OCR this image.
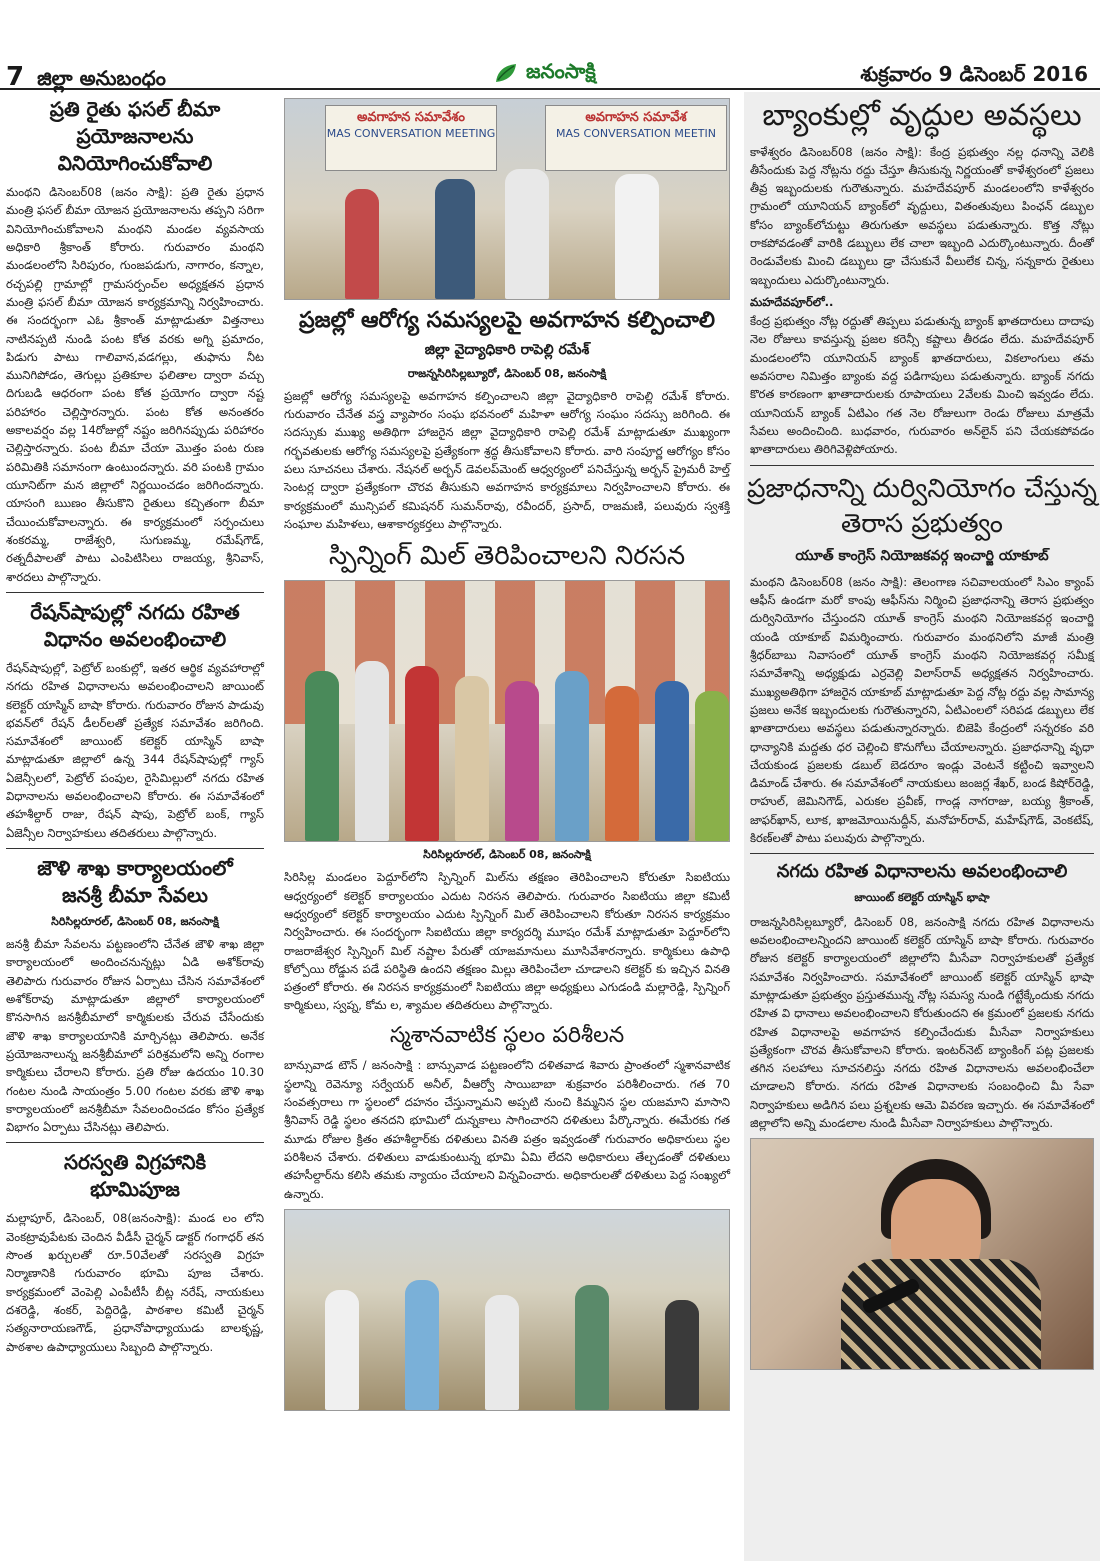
7 జిల్లా అనుబంధం	జనంసాక్షి	శుక్రవారం 9 డిసెంబర్ 2016
ప్రతి రైతు ఫసల్ బీమా ప్రయోజనాలను వినియోగించుకోవాలి
మంథని డిసెంబర్08 (జనం సాక్షి): ప్రతి రైతు ప్రధాన మంత్రి ఫసల్ బీమా యోజన ప్రయోజనాలను తప్పని సరిగా వినియోగించుకోవాలని మంథని మండల వ్యవసాయ అధికారి శ్రీకాంత్ కోరారు. గురువారం మంథని మండలంలోని సిరిపురం, గుంజపడుగు, నాగారం, కన్నాల, రచ్చపల్లి గ్రామాల్లో గ్రామసర్పంచ్‌ల అధ్యక్షతన ప్రధాన మంత్రి ఫసల్ బీమా యోజన కార్యక్రమాన్ని నిర్వహించారు. ఈ సందర్భంగా ఎఓ శ్రీకాంత్ మాట్లాడుతూ విత్తనాలు నాటినప్పటి నుండి పంట కోత వరకు అగ్ని ప్రమాదం, పిడుగు పాటు గాలివాన,వడగల్లు, తుఫాను నీట మునిగిపోడం, తెగుల్లు ప్రతికూల ఫలితాల ద్వారా వచ్చు దిగుబడి ఆధరంగా పంట కోత ప్రయోగం ద్వారా నష్ట పరిహారం చెల్లిస్తారన్నారు. పంట కోత అనంతరం అకాలవర్షం వల్ల 14రోజుల్లో నష్టం జరిగినప్పుడు పరిహారం చెల్లిస్తారన్నారు. పంట బీమా చేయా మొత్తం పంట రుణ పరిమితికి సమానంగా ఉంటుందన్నారు. వరి పంటకి గ్రామం యూనిట్‌గా మన జిల్లాలో నిర్ణయించడం జరిగిందన్నారు. యాసంగి ఋణం తీసుకొని రైతులు కచ్చితంగా బీమా చేయించుకోవాలన్నారు. ఈ కార్యక్రమంలో సర్పంచులు శంకరమ్మ, రాజేశ్వరి, సుగుణమ్మ, రమేష్‌గౌడ్, రత్నదీపాలతో పాటు ఎంపిటిసిలు రాజయ్య, శ్రీనివాస్, శారదలు పాల్గొన్నారు.
రేషన్‌షాపుల్లో నగదు రహిత విధానం అవలంభించాలి
రేషన్‌షాపుల్లో, పెట్రోల్ బంకుల్లో, ఇతర ఆర్థిక వ్యవహారాల్లో నగదు రహిత విధానాలను అవలంభించాలని జాయింట్ కలెక్టర్ యాస్మిన్ బాషా కోరారు. గురువారం రోజున పాడువు భవన్‌లో రేషన్ డీలర్‌లతో ప్రత్యేక సమావేశం జరిగింది. సమావేశంలో జాయింట్ కలెక్టర్ యాస్మిన్ బాషా మాట్లాడుతూ జిల్లాలో ఉన్న 344 రేషన్‌షాపుల్లో గ్యాస్ ఏజెన్సీలలో, పెట్రోల్ పంపుల, రైసిమిల్లులో నగదు రహిత విధానాలను అవలంభించాలని కోరారు. ఈ సమావేశంలో తహశీల్దార్ రాజు, రేషన్ షాపు, పెట్రోల్ బంక్, గ్యాస్ ఏజెన్సీల నిర్వాహకులు తదితరులు పాల్గొన్నారు.
జౌళి శాఖ కార్యాలయంలో జనశ్రీ బీమా సేవలు
సిరిసిల్లరూరల్, డిసెంబర్ 08, జనంసాక్షి
జనశ్రీ బీమా సేవలను పట్టణంలోని చేనేత జౌళి శాఖ జిల్లా కార్యాలయంలో అందించనున్నట్లు ఏడి అశోక్‌రావు తెలిపారు గురువారం రోజున ఏర్పాటు చేసిన సమావేశంలో అశోక్‌రావు మాట్లాడుతూ జిల్లాలో కార్యాలయంలో కొనసాగిన జనశ్రీబీమాలో కార్మికులకు చేరువ చేసేందుకు జౌళి శాఖ కార్యాలయానికి మార్చినట్లు తెలిపారు. అనేక ప్రయోజనాలున్న జనశ్రీబీమాలో పరిశ్రమలోని అన్ని రంగాల కార్మికులు చేరాలని కోరారు. ప్రతి రోజు ఉదయం 10.30 గంటల నుండి సాయంత్రం 5.00 గంటల వరకు జౌళి శాఖ కార్యాలయంలో జనశ్రీబీమా సేవలందించడం కోసం ప్రత్యేక విభాగం ఏర్పాటు చేసినట్లు తెలిపారు.
సరస్వతి విగ్రహానికి భూమిపూజ
మల్లాపూర్, డిసెంబర్, 08(జనంసాక్షి): మండ లం లోని వెంకట్రావుపేటకు చెందిన వీడీసీ చైర్మన్ డాక్టర్ గంగాధర్ తన సొంత ఖర్చులతో రూ.50వేలతో సరస్వతి విగ్రహ నిర్మాణానికి గురువారం భూమి పూజ చేశారు. కార్యక్రమంలో వెంపెల్లి ఎంపీటీసీ బీట్ల నరేష్, నాయకులు దశరెడ్డి, శంకర్, పెద్దిరెడ్డి, పాఠశాల కమిటీ చైర్మన్ సత్యనారాయణగౌడ్, ప్రధానోపాధ్యాయుడు బాలకృష్ణ, పాఠశాల ఉపాధ్యాయులు సిబ్బంది పాల్గొన్నారు.
అవగాహన సమావేశం
MAS CONVERSATION MEETING
అవగాహన సమావేశ
MAS CONVERSATION MEETIN
ప్రజల్లో ఆరోగ్య సమస్యలపై అవగాహన కల్పించాలి
జిల్లా వైద్యాధికారి రాపెల్లి రమేశ్
రాజన్నసిరిసిల్లబ్యూరో, డిసెంబర్ 08, జనంసాక్షి
ప్రజల్లో ఆరోగ్య సమస్యలపై అవగాహన కల్పించాలని జిల్లా వైద్యాధికారి రాపెల్లి రమేశ్ కోరారు. గురువారం చేనేత వస్త్ర వ్యాపారం సంఘ భవనంలో మహిళా ఆరోగ్య సంఘం సదస్సు జరిగింది. ఈ సదస్సుకు ముఖ్య అతిథిగా హాజరైన జిల్లా వైద్యాధికారి రాపెల్లి రమేశ్ మాట్లాడుతూ ముఖ్యంగా గర్భవతులకు ఆరోగ్య సమస్యలపై ప్రత్యేకంగా శ్రద్ధ తీసుకోవాలని కోరారు. వారి సంపూర్ణ ఆరోగ్యం కోసం పలు సూచనలు చేశారు. నేషనల్ అర్బన్ డెవలప్‌మెంట్ ఆధ్వర్యంలో పనిచేస్తున్న అర్బన్ ప్రైమరీ హెల్త్ సెంటర్ల ద్వారా ప్రత్యేకంగా చొరవ తీసుకుని అవగాహన కార్యక్రమాలు నిర్వహించాలని కోరారు. ఈ కార్యక్రమంలో మున్సిపల్ కమిషనర్ సుమన్‌రావు, రవీందర్, ప్రసాద్, రాజమణి, పలువురు స్వశక్తి సంఘాల మహిళలు, ఆశాకార్యకర్తలు పాల్గొన్నారు.
స్పిన్నింగ్ మిల్ తెరిపించాలని నిరసన
సిరిసిల్లరూరల్, డిసెంబర్ 08, జనంసాక్షి
సిరిసిల్ల మండలం పెద్దూర్‌లోని స్పిన్నింగ్ మిల్‌ను తక్షణం తెరిపించాలని కోరుతూ సిఐటియు ఆధ్వర్యంలో కలెక్టర్ కార్యాలయం ఎదుట నిరసన తెలిపారు. గురువారం సిఐటియు జిల్లా కమిటీ ఆధ్వర్యంలో కలెక్టర్ కార్యాలయం ఎదుట స్పిన్నింగ్ మిల్ తెరిపించాలని కోరుతూ నిరసన కార్యక్రమం నిర్వహించారు. ఈ సందర్భంగా సిఐటియు జిల్లా కార్యదర్శి మూషం రమేశ్ మాట్లాడుతూ పెద్దూర్‌లోని రాజరాజేశ్వర స్పిన్నింగ్ మిల్ నష్టాల పేరుతో యాజమానులు మూసివేశారన్నారు. కార్మికులు ఉపాధి కోల్పోయి రోడ్డున పడే పరిస్థితి ఉందని తక్షణం మిల్లు తెరిపించేలా చూడాలని కలెక్టర్ కు ఇచ్చిన వినతి పత్రంలో కోరారు. ఈ నిరసన కార్యక్రమంలో సిఐటియు జిల్లా అధ్యక్షులు ఎగుడండి మల్లారెడ్డి, స్పిన్నింగ్ కార్మికులు, స్వప్న, కోమ ల, శ్యామల తదితరులు పాల్గొన్నారు.
స్మశానవాటిక స్థలం పరిశీలన
బాన్సువాడ టౌన్ / జనంసాక్షి : బాన్సువాడ పట్టణంలోని దళితవాడ శివారు ప్రాంతంలో స్మశానవాటిక స్థలాన్ని రెవెన్యూ సర్వేయర్ అనీల్, వీఆర్వో సాయిబాబా శుక్రవారం పరిశీలించారు. గత 70 సంవత్సరాలు గా స్థలంలో దహనం చేస్తున్నామని అప్పటి నుంచి కిమ్మనిన స్థల యజమాని మాసాని శ్రీనివాస్ రెడ్డి స్థలం తనదని భూమిలో దున్నకాలు సాగించారని దళితులు పేర్కొన్నారు. ఈమేరకు గత మూడు రోజుల క్రితం తహశీల్దార్‌కు దళితులు వినతి పత్రం ఇవ్వడంతో గురువారం అధికారులు స్థల పరిశీలన చేశారు. దళితులు వాడుకుంటున్న భూమి ఏమి లేదని అధికారులు తేల్చడంతో దళితులు తహసీల్దార్‌ను కలిసి తమకు న్యాయం చేయాలని విన్నవించారు. అధికారులతో దళితులు పెద్ద సంఖ్యలో ఉన్నారు.
బ్యాంకుల్లో వృద్ధుల అవస్థలు
కాళేశ్వరం డిసెంబర్08 (జనం సాక్షి): కేంద్ర ప్రభుత్వం నల్ల ధనాన్ని వెలికి తీసేందుకు పెద్ద నోట్లను రద్దు చేస్తూ తీసుకున్న నిర్ణయంతో కాళేశ్వరంలో ప్రజలు తీవ్ర ఇబ్బందులకు గురౌతున్నారు. మహదేవపూర్ మండలంలోని కాళేశ్వరం గ్రామంలో యూనియన్ బ్యాంక్‌లో వృద్దులు, వితంతువులు పింఛన్ డబ్బుల కోసం బ్యాంక్‌లోచుట్టు తిరుగుతూ అవస్థలు పడుతున్నారు. కొత్త నోట్లు రాకపోవడంతో వారికి డబ్బులు లేక చాలా ఇబ్బంది ఎదుర్కొంటున్నారు. దీంతో రెండువేలకు మించి డబ్బులు డ్రా చేసుకునే వీలులేక చిన్న, సన్నకారు రైతులు ఇబ్బందులు ఎదుర్కొంటున్నారు.
మహదేవపూర్‌లో..
కేంద్ర ప్రభుత్వం నోట్ల రద్దుతో తిప్పలు పడుతున్న బ్యాంక్ ఖాతదారులు దాదాపు నెల రోజులు కావస్తున్న ప్రజల కరెన్సీ కష్టాలు తీరడం లేదు. మహదేవపూర్ మండలంలోని యూనియన్ బ్యాంక్ ఖాతదారులు, వికలాంగులు తమ అవసరాల నిమిత్తం బ్యాంకు వద్ద పడిగాపులు పడుతున్నారు. బ్యాంక్ నగదు కొరత కారణంగా ఖాతాదారులకు రూపాయలు 2వేలకు మించి ఇవ్వడం లేదు. యూనియన్ బ్యాంక్ ఏటిఎం గత నెల రోజులుగా రెండు రోజులు మాత్రమే సేవలు అందించింది. బుధవారం, గురువారం అన్‌లైన్ పని చేయకపోవడం ఖాతాదారులు తిరిగివెళ్లిపోయారు.
ప్రజాధనాన్ని దుర్వినియోగం చేస్తున్న తెరాస ప్రభుత్వం
యూత్ కాంగ్రెస్ నియోజకవర్గ ఇంచార్జి యాకూబ్
మంథని డిసెంబర్08 (జనం సాక్షి): తెలంగాణ సచివాలయంలో సిఎం క్యాంప్ ఆఫీస్ ఉండగా మరో కాంపు ఆఫీస్‌ను నిర్మించి ప్రజాధనాన్ని తెరాస ప్రభుత్వం దుర్వినియోగం చేస్తుందని యూత్ కాంగ్రెస్ మంథని నియోజకవర్గ ఇంచార్జి యండి యాకూబ్ విమర్శించారు. గురువారం మంథనిలోని మాజీ మంత్రి శ్రీధర్‌బాబు నివాసంలో యూత్ కాంగ్రెస్ మంథని నియోజకవర్గ సమీక్ష సమావేశాన్ని అధ్యక్షుడు ఎర్రవెల్లి విలాస్‌రావ్ అధ్యక్షతన నిర్వహించారు. ముఖ్యఅతిథిగా హాజరైన యాకూబ్ మాట్లాడుతూ పెద్ద నోట్ల రద్దు వల్ల సామాన్య ప్రజలు అనేక ఇబ్బందులకు గురౌతున్నారని, ఏటిఎంలలో సరిపడ డబ్బులు లేక ఖాతాదారులు అవస్థలు పడుతున్నారన్నారు. బిజెపి కేంద్రంలో సన్నరకం వరి ధాన్యానికి మద్దతు ధర చెల్లించి కొనుగోలు చేయాలన్నారు. ప్రజాధనాన్ని వృధా చేయకుండ ప్రజలకు డబుల్ బెడరూం ఇండ్లు వెంటనే కట్టించి ఇవ్వాలని డిమాండ్ చేశారు. ఈ సమావేశంలో నాయకులు జంజర్ల శేఖర్, బండ కిషోర్‌రెడ్డి, రాహుల్, జెమినిగౌడ్, ఎరుకల ప్రవీణ్, గాండ్ల నాగరాజు, బయ్య శ్రీకాంత్, జాఫర్‌ఖాన్, లూక, ఖాజమోయినుద్దీన్, మనోహర్‌రావ్, మహేష్‌గౌడ్, వెంకటేష్, కిరణ్‌లతో పాటు పలువురు పాల్గొన్నారు.
నగదు రహిత విధానాలను అవలంభించాలి
జాయింట్ కలెక్టర్ యాస్మిన్ భాషా
రాజన్నసిరిసిల్లబ్యూరో, డిసెంబర్ 08, జనంసాక్షి నగదు రహిత విధానాలను అవలంభించాలన్నిందని జాయింట్ కలెక్టర్ యాస్మిన్ బాషా కోరారు. గురువారం రోజున కలెక్టర్ కార్యాలయంలో జిల్లాలోని మీసేవా నిర్వాహకులతో ప్రత్యేక సమావేశం నిర్వహించారు. సమావేశంలో జాయింట్ కలెక్టర్ యాస్మిన్ భాషా మాట్లాడుతూ ప్రభుత్వం ప్రస్తుతమున్న నోట్ల సమస్య నుండి గట్టేక్కేందుకు నగదు రహిత వి ధానాలు అవలంభించాలని కోరుతుందని ఈ క్రమంలో ప్రజలకు నగదు రహిత విధానాలపై అవగాహన కల్పించేందుకు మీసేవా నిర్వాహకులు ప్రత్యేకంగా చొరవ తీసుకోవాలని కోరారు. ఇంటర్‌నెట్ బ్యాంకింగ్ పట్ల ప్రజలకు తగిన సలహాలు సూచనలిస్తు నగదు రహిత విధానాలను అవలంభించేలా చూడాలని కోరారు. నగదు రహిత విధానాలకు సంబంధించి మీ సేవా నిర్వాహకులు అడిగిన పలు ప్రశ్నలకు ఆమె వివరణ ఇచ్చారు. ఈ సమావేశంలో జిల్లాలోని అన్ని మండలాల నుండి మీసేవా నిర్వాహకులు పాల్గొన్నారు.
